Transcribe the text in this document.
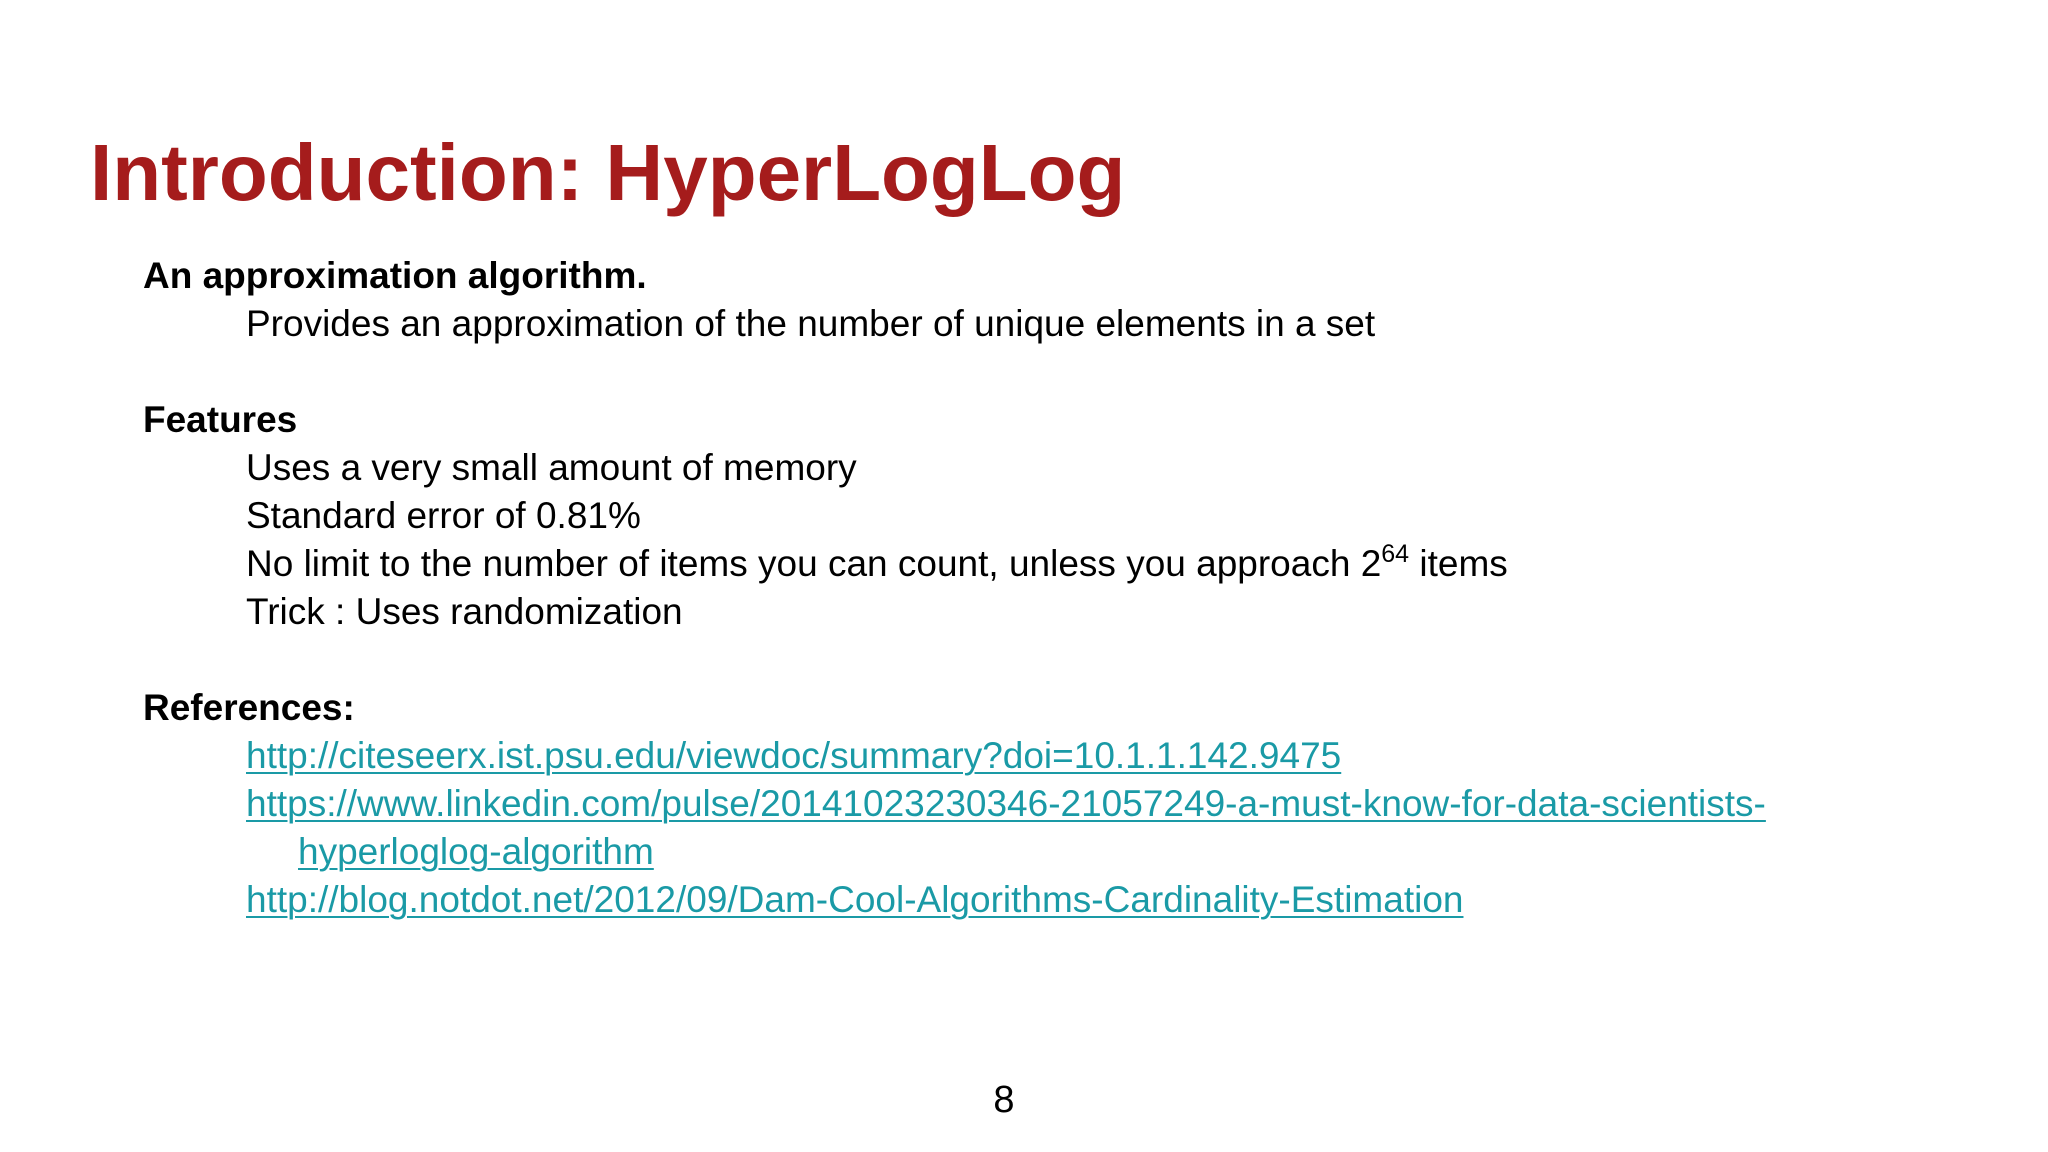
Introduction: HyperLogLog
An approximation algorithm.
Provides an approximation of the number of unique elements in a set
Features
Uses a very small amount of memory
Standard error of 0.81%
No limit to the number of items you can count, unless you approach $2^{64}$ items
Trick : Uses randomization
References:
http://citeseerx.ist.psu.edu/viewdoc/summary?doi=10.1.1.142.9475
https://www.linkedin.com/pulse/20141023230346-21057249-a-must-know-for-data-scientists-
hyperloglog-algorithm
http://blog.notdot.net/2012/09/Dam-Cool-Algorithms-Cardinality-Estimation
8
